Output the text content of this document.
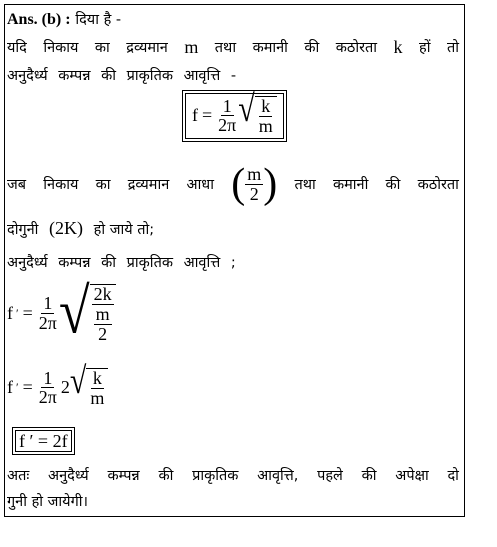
Ans. (b) : दिया है -
यदि निकाय का द्रव्यमान m तथा कमानी की कठोरता k हों तो
अनुदैर्ध्य कम्पन्न की प्राकृतिक आवृत्ति -
$f = \frac{1}{2\pi}$ √ $\frac{k}{m}$
जब निकाय का द्रव्यमान आधा ( $\frac{m}{2}$ ) तथा कमानी की कठोरता
दोगुनी (2K) हो जाये तो;
अनुदैर्ध्य कम्पन्न की प्राकृतिक आवृत्ति ;
f ′ = $\frac{1}{2\pi}$ √ $\frac{2k}{\frac{m}{2}}$
f ′ = $\frac{1}{2\pi} 2$ √ $\frac{k}{m}$
f ′ = 2f
अतः अनुदैर्ध्य कम्पन्न की प्राकृतिक आवृत्ति, पहले की अपेक्षा दो
गुनी हो जायेगी।
